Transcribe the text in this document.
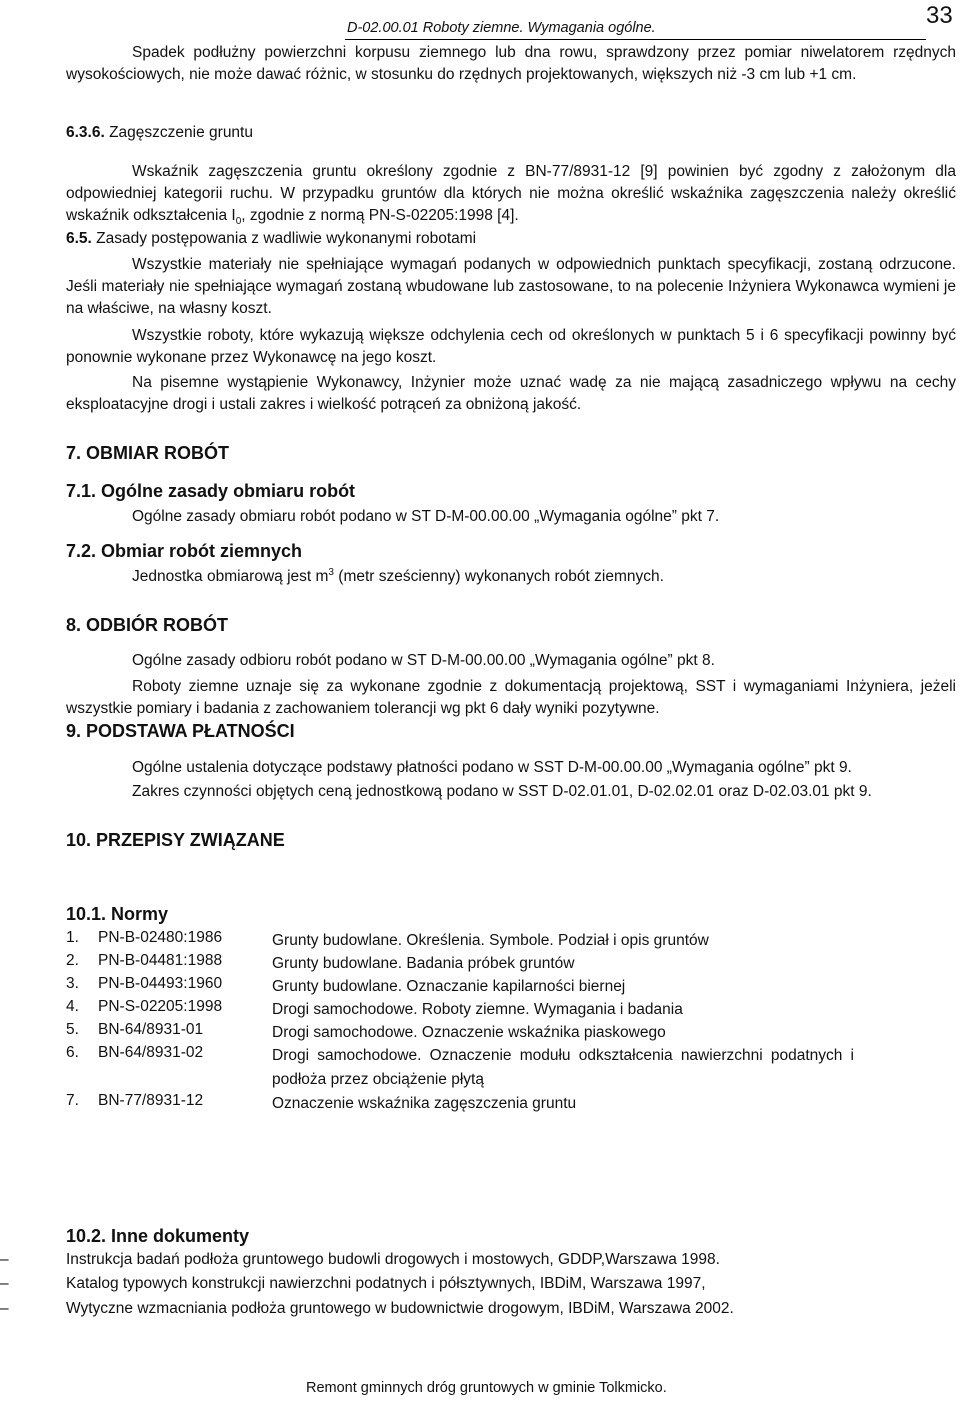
D-02.00.01 Roboty ziemne. Wymagania ogólne.	33
Spadek podłużny powierzchni korpusu ziemnego lub dna rowu, sprawdzony przez pomiar niwelatorem rzędnych wysokościowych, nie może dawać różnic, w stosunku do rzędnych projektowanych, większych niż -3 cm lub +1 cm.
6.3.6. Zagęszczenie gruntu
Wskaźnik zagęszczenia gruntu określony zgodnie z BN-77/8931-12 [9] powinien być zgodny z założonym dla odpowiedniej kategorii ruchu. W przypadku gruntów dla których nie można określić wskaźnika zagęszczenia należy określić wskaźnik odkształcenia $I_0$, zgodnie z normą PN-S-02205:1998 [4].
6.5. Zasady postępowania z wadliwie wykonanymi robotami
Wszystkie materiały nie spełniające wymagań podanych w odpowiednich punktach specyfikacji, zostaną odrzucone. Jeśli materiały nie spełniające wymagań zostaną wbudowane lub zastosowane, to na polecenie Inżyniera Wykonawca wymieni je na właściwe, na własny koszt.
Wszystkie roboty, które wykazują większe odchylenia cech od określonych w punktach 5 i 6 specyfikacji powinny być ponownie wykonane przez Wykonawcę na jego koszt.
Na pisemne wystąpienie Wykonawcy, Inżynier może uznać wadę za nie mającą zasadniczego wpływu na cechy eksploatacyjne drogi i ustali zakres i wielkość potrąceń za obniżoną jakość.
7. OBMIAR ROBÓT
7.1. Ogólne zasady obmiaru robót
Ogólne zasady obmiaru robót podano w ST D-M-00.00.00 „Wymagania ogólne” pkt 7.
7.2. Obmiar robót ziemnych
Jednostka obmiarową jest $m^3$ (metr sześcienny) wykonanych robót ziemnych.
8. ODBIÓR ROBÓT
Ogólne zasady odbioru robót podano w ST D-M-00.00.00 „Wymagania ogólne” pkt 8.
Roboty ziemne uznaje się za wykonane zgodnie z dokumentacją projektową, SST i wymaganiami Inżyniera, jeżeli wszystkie pomiary i badania z zachowaniem tolerancji wg pkt 6 dały wyniki pozytywne.
9. PODSTAWA PŁATNOŚCI
Ogólne ustalenia dotyczące podstawy płatności podano w SST D-M-00.00.00 „Wymagania ogólne” pkt 9.
Zakres czynności objętych ceną jednostkową podano w SST D-02.01.01, D-02.02.01 oraz D-02.03.01 pkt 9.
10. PRZEPISY ZWIĄZANE
10.1. Normy
1. PN-B-02480:1986	Grunty budowlane. Określenia. Symbole. Podział i opis gruntów
2. PN-B-04481:1988	Grunty budowlane. Badania próbek gruntów
3. PN-B-04493:1960	Grunty budowlane. Oznaczanie kapilarności biernej
4. PN-S-02205:1998	Drogi samochodowe. Roboty ziemne. Wymagania i badania
5. BN-64/8931-01	Drogi samochodowe. Oznaczenie wskaźnika piaskowego
6. BN-64/8931-02	Drogi samochodowe. Oznaczenie modułu odkształcenia nawierzchni podatnych i podłoża przez obciążenie płytą
7. BN-77/8931-12	Oznaczenie wskaźnika zagęszczenia gruntu
10.2. Inne dokumenty
–	Instrukcja badań podłoża gruntowego budowli drogowych i mostowych, GDDP,Warszawa 1998.
–	Katalog typowych konstrukcji nawierzchni podatnych i półsztywnych, IBDiM, Warszawa 1997,
–	Wytyczne wzmacniania podłoża gruntowego w budownictwie drogowym, IBDiM, Warszawa 2002.
Remont gminnych dróg gruntowych w gminie Tolkmicko.
